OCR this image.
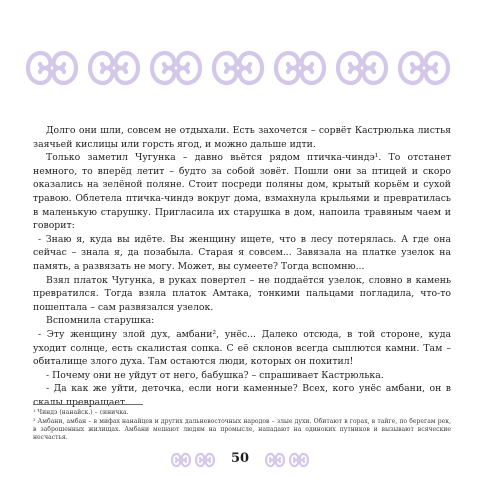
Долго они шли, совсем не отдыхали. Есть захочется – сорвёт Кастрюлька листья заячьей кислицы или горсть ягод, и можно дальше идти.

Только заметил Чугунка – давно вьётся рядом птичка-чиндэ¹. То отстанет немного, то вперёд летит – будто за собой зовёт. Пошли они за птицей и скоро оказались на зелёной поляне. Стоит посреди поляны дом, крытый корьём и сухой травою. Облетела птичка-чиндэ вокруг дома, взмахнула крыльями и превратилась в маленькую старушку. Пригласила их старушка в дом, напоила травяным чаем и говорит:

- Знаю я, куда вы идёте. Вы женщину ищете, что в лесу потерялась. А где она сейчас – знала я, да позабыла. Старая я совсем... Завязала на платке узелок на память, а развязать не могу. Может, вы сумеете? Тогда вспомню...

Взял платок Чугунка, в руках повертел – не поддаётся узелок, словно в камень превратился. Тогда взяла платок Амтака, тонкими пальцами погладила, что-то пошептала – сам развязался узелок.

Вспомнила старушка:

- Эту женщину злой дух, амбани², унёс... Далеко отсюда, в той стороне, куда уходит солнце, есть скалистая сопка. С её склонов всегда сыплются камни. Там – обиталище злого духа. Там остаются люди, которых он похитил!

- Почему они не уйдут от него, бабушка? – спрашивает Кастрюлька.

- Да как же уйти, деточка, если ноги каменные? Всех, кого унёс амбани, он в скалы превращает.

¹ Чиндэ (нанайск.) – синичка.

² Амбани, амбан – в мифах нанайцев и других дальневосточных народов – злые духи. Обитают в горах, в тайге, по берегам рек, в заброшенных жилищах. Амбани мешают людям на промысле, нападают на одиноких путников и вызывают всяческие несчастья.

50
